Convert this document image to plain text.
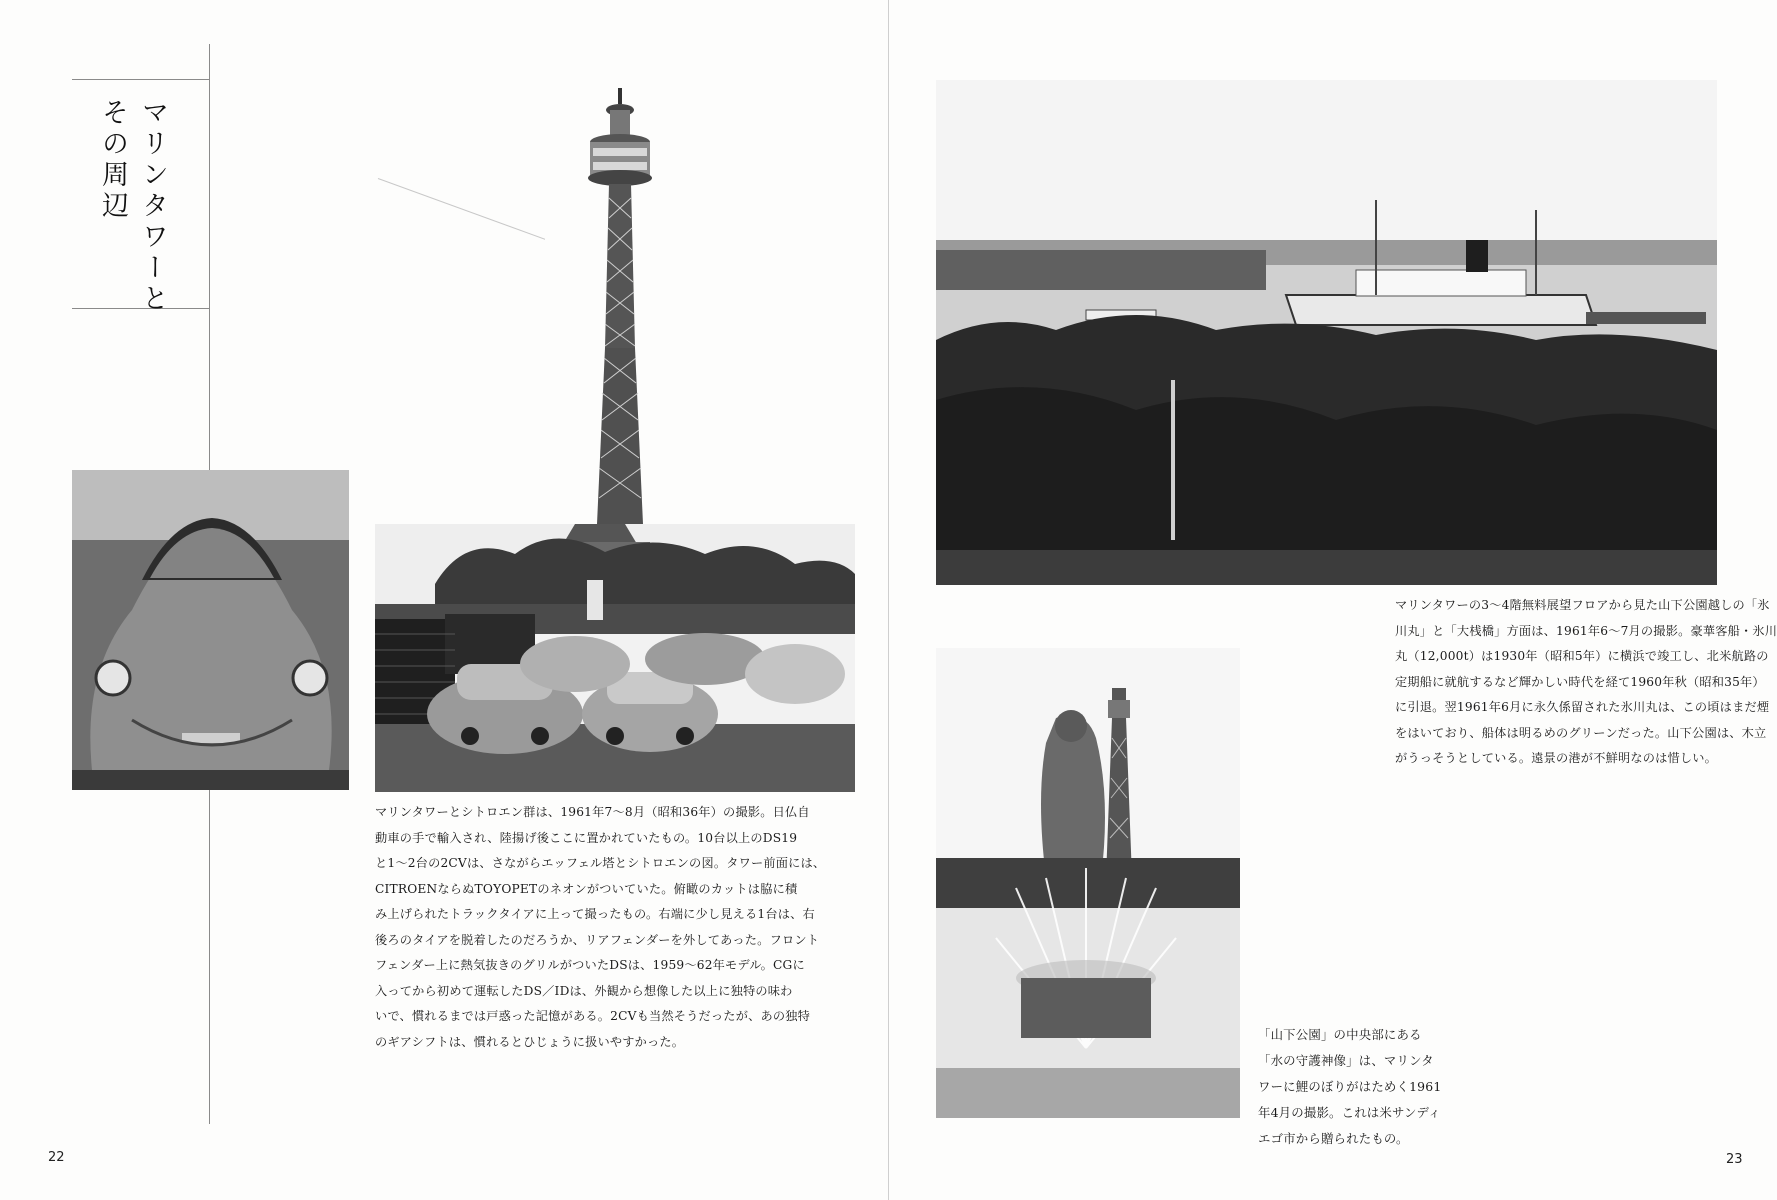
マリンタワーと
その周辺
マリンタワーとシトロエン群は、1961年7～8月（昭和36年）の撮影。日仏自
動車の手で輸入され、陸揚げ後ここに置かれていたもの。10台以上のDS19
と1～2台の2CVは、さながらエッフェル塔とシトロエンの図。タワー前面には、
CITROENならぬTOYOPETのネオンがついていた。俯瞰のカットは脇に積
み上げられたトラックタイアに上って撮ったもの。右端に少し見える1台は、右
後ろのタイアを脱着したのだろうか、リアフェンダーを外してあった。フロント
フェンダー上に熱気抜きのグリルがついたDSは、1959～62年モデル。CGに
入ってから初めて運転したDS／IDは、外観から想像した以上に独特の味わ
いで、慣れるまでは戸惑った記憶がある。2CVも当然そうだったが、あの独特
のギアシフトは、慣れるとひじょうに扱いやすかった。
22
マリンタワーの3～4階無料展望フロアから見た山下公園越しの「氷
川丸」と「大桟橋」方面は、1961年6～7月の撮影。豪華客船・氷川
丸（12,000t）は1930年（昭和5年）に横浜で竣工し、北米航路の
定期船に就航するなど輝かしい時代を経て1960年秋（昭和35年）
に引退。翌1961年6月に永久係留された氷川丸は、この頃はまだ煙
をはいており、船体は明るめのグリーンだった。山下公園は、木立
がうっそうとしている。遠景の港が不鮮明なのは惜しい。
「山下公園」の中央部にある
「水の守護神像」は、マリンタ
ワーに鯉のぼりがはためく1961
年4月の撮影。これは米サンディ
エゴ市から贈られたもの。
23
